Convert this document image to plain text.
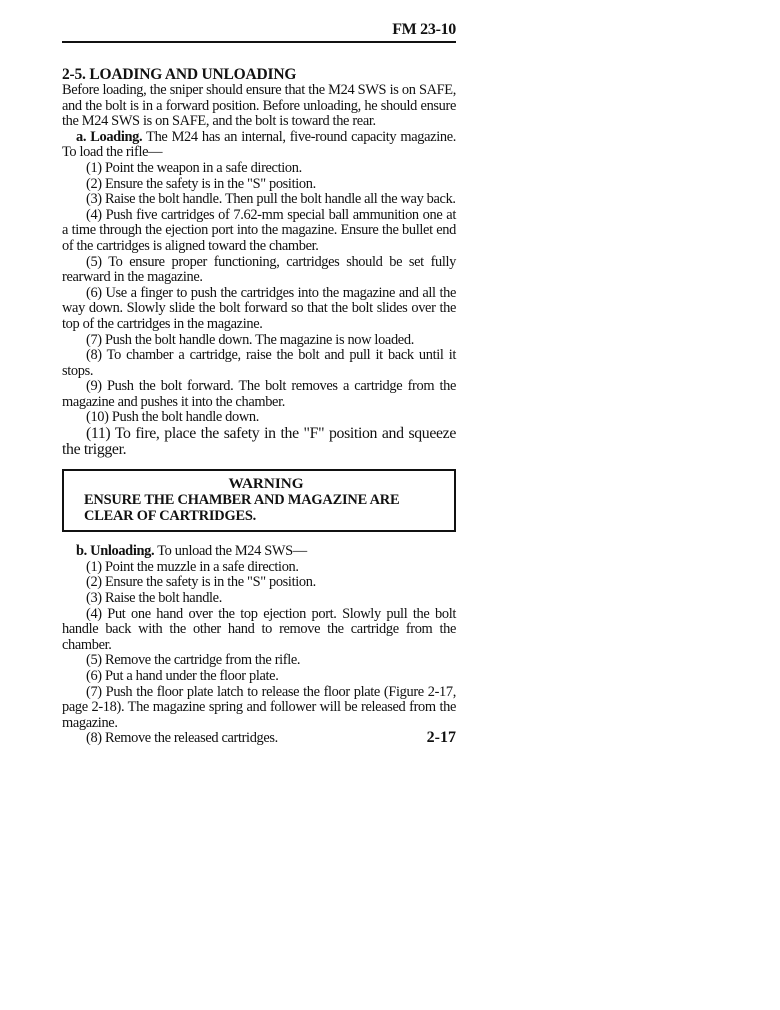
FM 23-10

2-5. LOADING AND UNLOADING

Before loading, the sniper should ensure that the M24 SWS is on SAFE, and the bolt is in a forward position. Before unloading, he should ensure the M24 SWS is on SAFE, and the bolt is toward the rear.

a. Loading. The M24 has an internal, five-round capacity magazine. To load the rifle—

(1) Point the weapon in a safe direction.

(2) Ensure the safety is in the "S" position.

(3) Raise the bolt handle. Then pull the bolt handle all the way back.

(4) Push five cartridges of 7.62-mm special ball ammunition one at a time through the ejection port into the magazine. Ensure the bullet end of the cartridges is aligned toward the chamber.

(5) To ensure proper functioning, cartridges should be set fully rearward in the magazine.

(6) Use a finger to push the cartridges into the magazine and all the way down. Slowly slide the bolt forward so that the bolt slides over the top of the cartridges in the magazine.

(7) Push the bolt handle down. The magazine is now loaded.

(8) To chamber a cartridge, raise the bolt and pull it back until it stops.

(9) Push the bolt forward. The bolt removes a cartridge from the magazine and pushes it into the chamber.

(10) Push the bolt handle down.

(11) To fire, place the safety in the "F" position and squeeze the trigger.

WARNING
ENSURE THE CHAMBER AND MAGAZINE ARE CLEAR OF CARTRIDGES.

b. Unloading. To unload the M24 SWS—

(1) Point the muzzle in a safe direction.

(2) Ensure the safety is in the "S" position.

(3) Raise the bolt handle.

(4) Put one hand over the top ejection port. Slowly pull the bolt handle back with the other hand to remove the cartridge from the chamber.

(5) Remove the cartridge from the rifle.

(6) Put a hand under the floor plate.

(7) Push the floor plate latch to release the floor plate (Figure 2-17, page 2-18). The magazine spring and follower will be released from the magazine.

(8) Remove the released cartridges.	2-17
